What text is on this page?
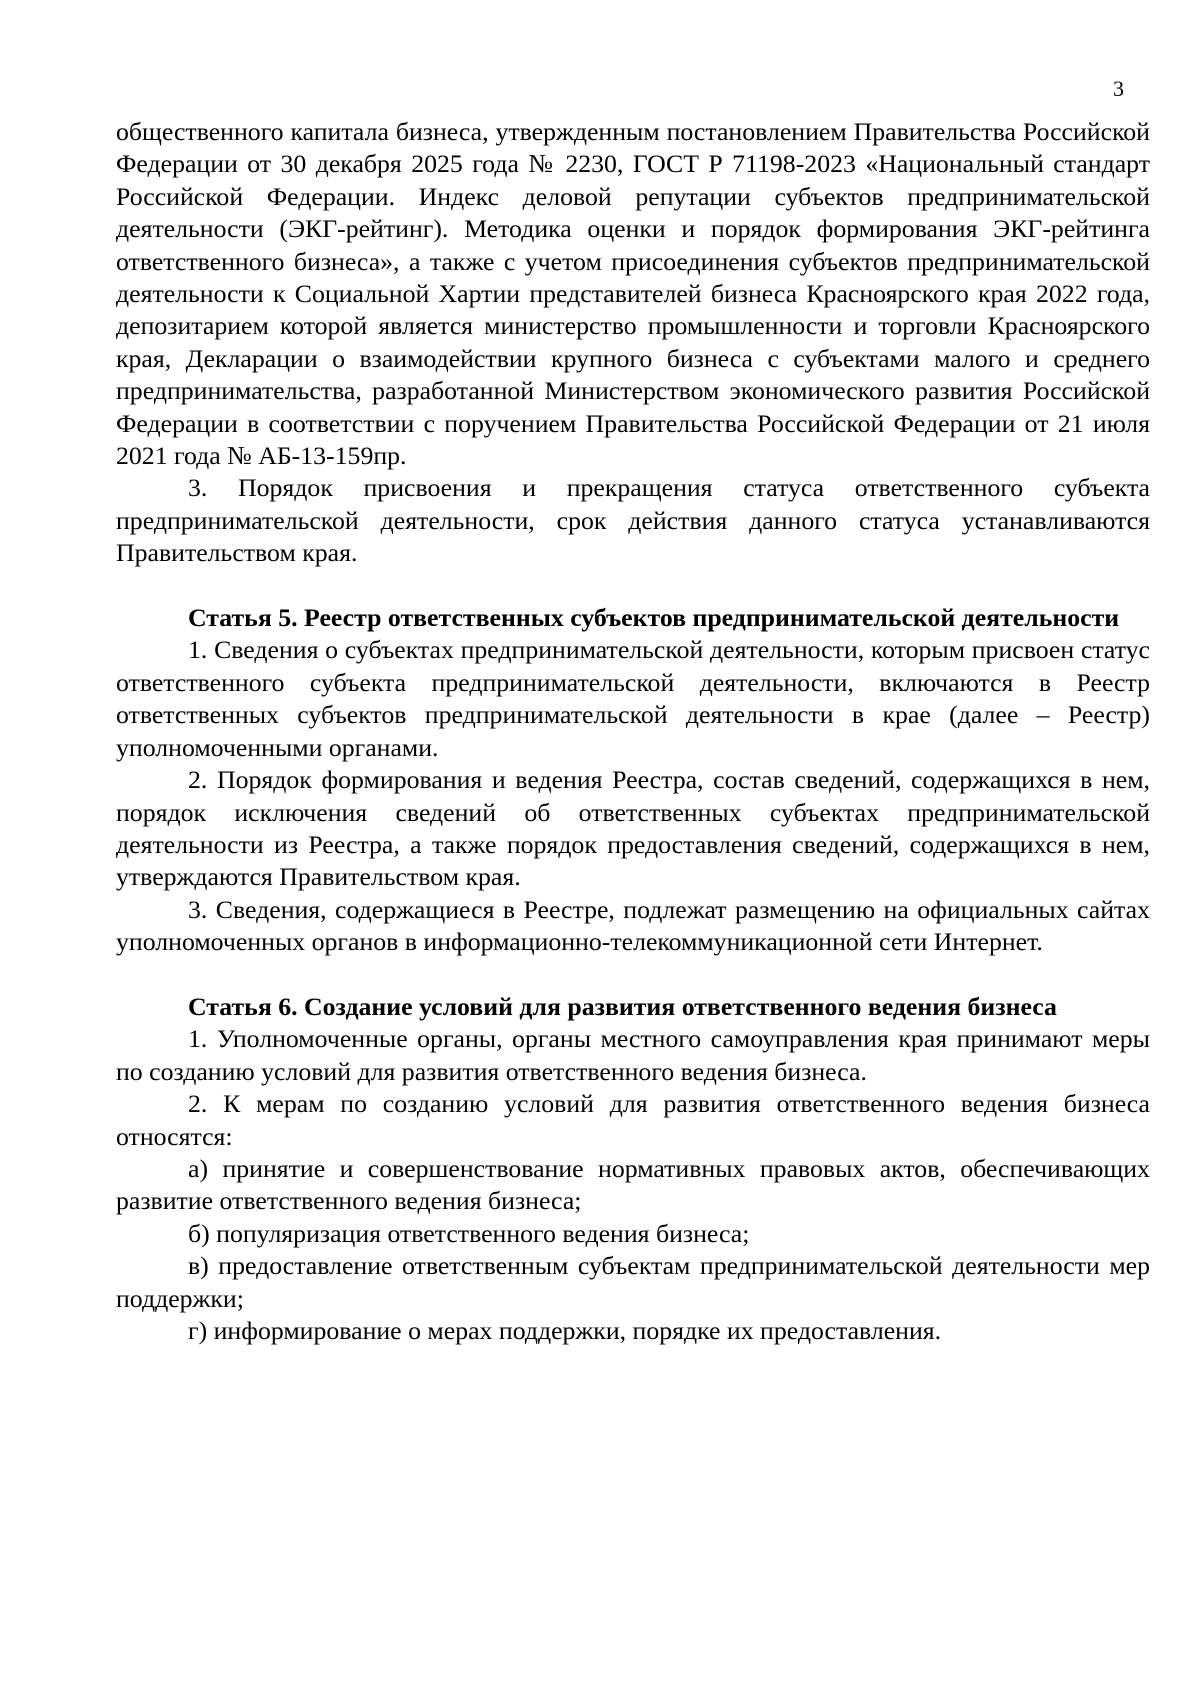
3

общественного капитала бизнеса, утвержденным постановлением Правительства Российской Федерации от 30 декабря 2025 года № 2230, ГОСТ Р 71198-2023 «Национальный стандарт Российской Федерации. Индекс деловой репутации субъектов предпринимательской деятельности (ЭКГ-рейтинг). Методика оценки и порядок формирования ЭКГ-рейтинга ответственного бизнеса», а также с учетом присоединения субъектов предпринимательской деятельности к Социальной Хартии представителей бизнеса Красноярского края 2022 года, депозитарием которой является министерство промышленности и торговли Красноярского края, Декларации о взаимодействии крупного бизнеса с субъектами малого и среднего предпринимательства, разработанной Министерством экономического развития Российской Федерации в соответствии с поручением Правительства Российской Федерации от 21 июля 2021 года № АБ-13-159пр.

3. Порядок присвоения и прекращения статуса ответственного субъекта предпринимательской деятельности, срок действия данного статуса устанавливаются Правительством края.

Статья 5. Реестр ответственных субъектов предпринимательской деятельности

1. Сведения о субъектах предпринимательской деятельности, которым присвоен статус ответственного субъекта предпринимательской деятельности, включаются в Реестр ответственных субъектов предпринимательской деятельности в крае (далее – Реестр) уполномоченными органами.

2. Порядок формирования и ведения Реестра, состав сведений, содержащихся в нем, порядок исключения сведений об ответственных субъектах предпринимательской деятельности из Реестра, а также порядок предоставления сведений, содержащихся в нем, утверждаются Правительством края.

3. Сведения, содержащиеся в Реестре, подлежат размещению на официальных сайтах уполномоченных органов в информационно-телекоммуникационной сети Интернет.

Статья 6. Создание условий для развития ответственного ведения бизнеса

1. Уполномоченные органы, органы местного самоуправления края принимают меры по созданию условий для развития ответственного ведения бизнеса.

2. К мерам по созданию условий для развития ответственного ведения бизнеса относятся:

а) принятие и совершенствование нормативных правовых актов, обеспечивающих развитие ответственного ведения бизнеса;

б) популяризация ответственного ведения бизнеса;

в) предоставление ответственным субъектам предпринимательской деятельности мер поддержки;

г) информирование о мерах поддержки, порядке их предоставления.
